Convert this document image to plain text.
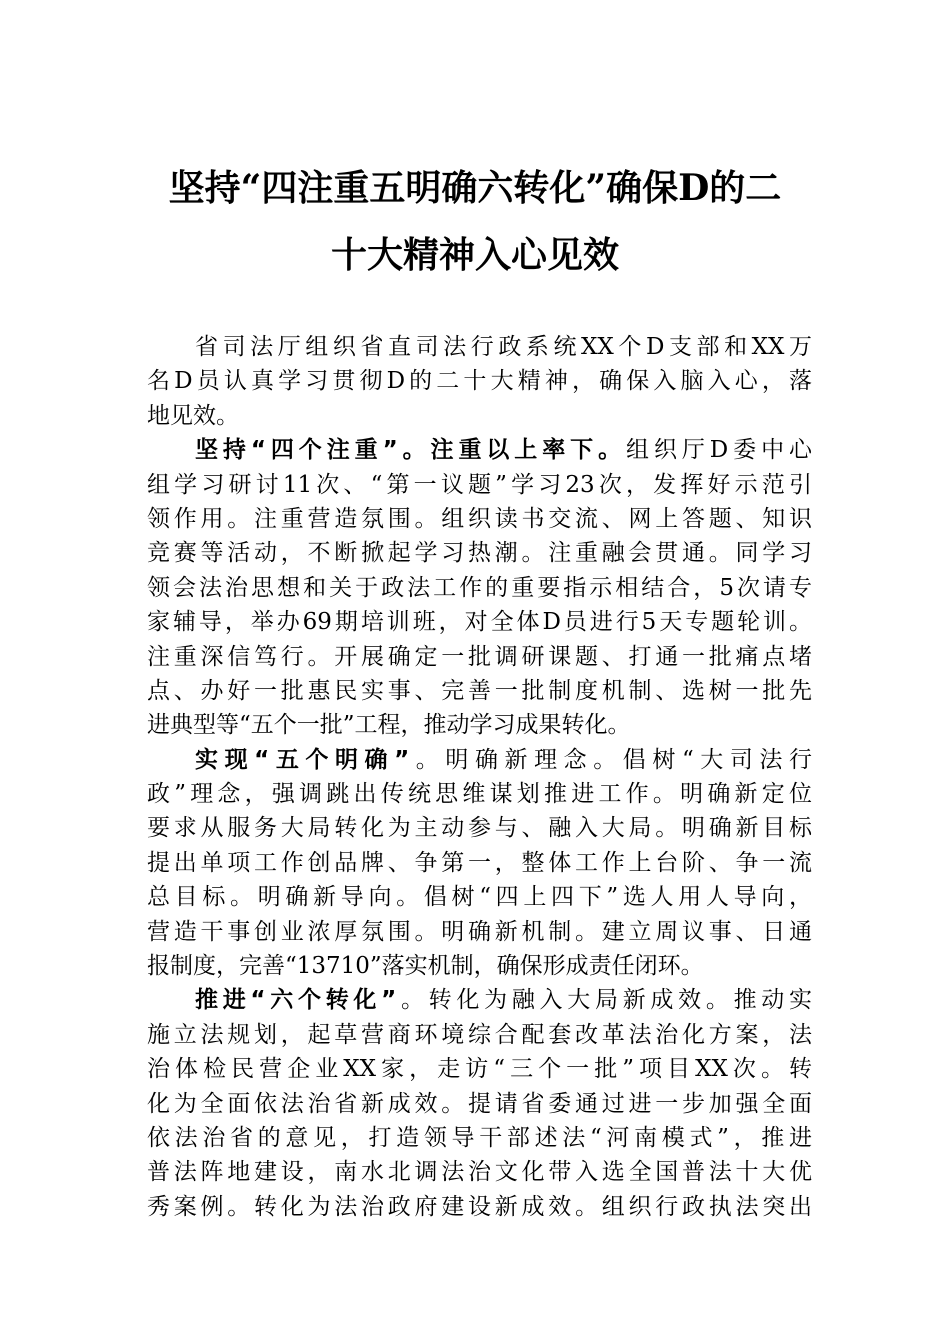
坚持“四注重五明确六转化”确保D的二
十大精神入心见效
省司法厅组织省直司法行政系统XX个D支部和XX万
名D员认真学习贯彻D的二十大精神，确保入脑入心，落
地见效。
坚持“四个注重”。注重以上率下。组织厅D委中心
组学习研讨11次、“第一议题”学习23次，发挥好示范引
领作用。注重营造氛围。组织读书交流、网上答题、知识
竞赛等活动，不断掀起学习热潮。注重融会贯通。同学习
领会法治思想和关于政法工作的重要指示相结合，5次请专
家辅导，举办69期培训班，对全体D员进行5天专题轮训。
注重深信笃行。开展确定一批调研课题、打通一批痛点堵
点、办好一批惠民实事、完善一批制度机制、选树一批先
进典型等“五个一批”工程，推动学习成果转化。
实现“五个明确”。明确新理念。倡树“大司法行
政”理念，强调跳出传统思维谋划推进工作。明确新定位
要求从服务大局转化为主动参与、融入大局。明确新目标
提出单项工作创品牌、争第一，整体工作上台阶、争一流
总目标。明确新导向。倡树“四上四下”选人用人导向，
营造干事创业浓厚氛围。明确新机制。建立周议事、日通
报制度，完善“13710”落实机制，确保形成责任闭环。
推进“六个转化”。转化为融入大局新成效。推动实
施立法规划，起草营商环境综合配套改革法治化方案，法
治体检民营企业XX家，走访“三个一批”项目XX次。转
化为全面依法治省新成效。提请省委通过进一步加强全面
依法治省的意见，打造领导干部述法“河南模式”，推进
普法阵地建设，南水北调法治文化带入选全国普法十大优
秀案例。转化为法治政府建设新成效。组织行政执法突出
